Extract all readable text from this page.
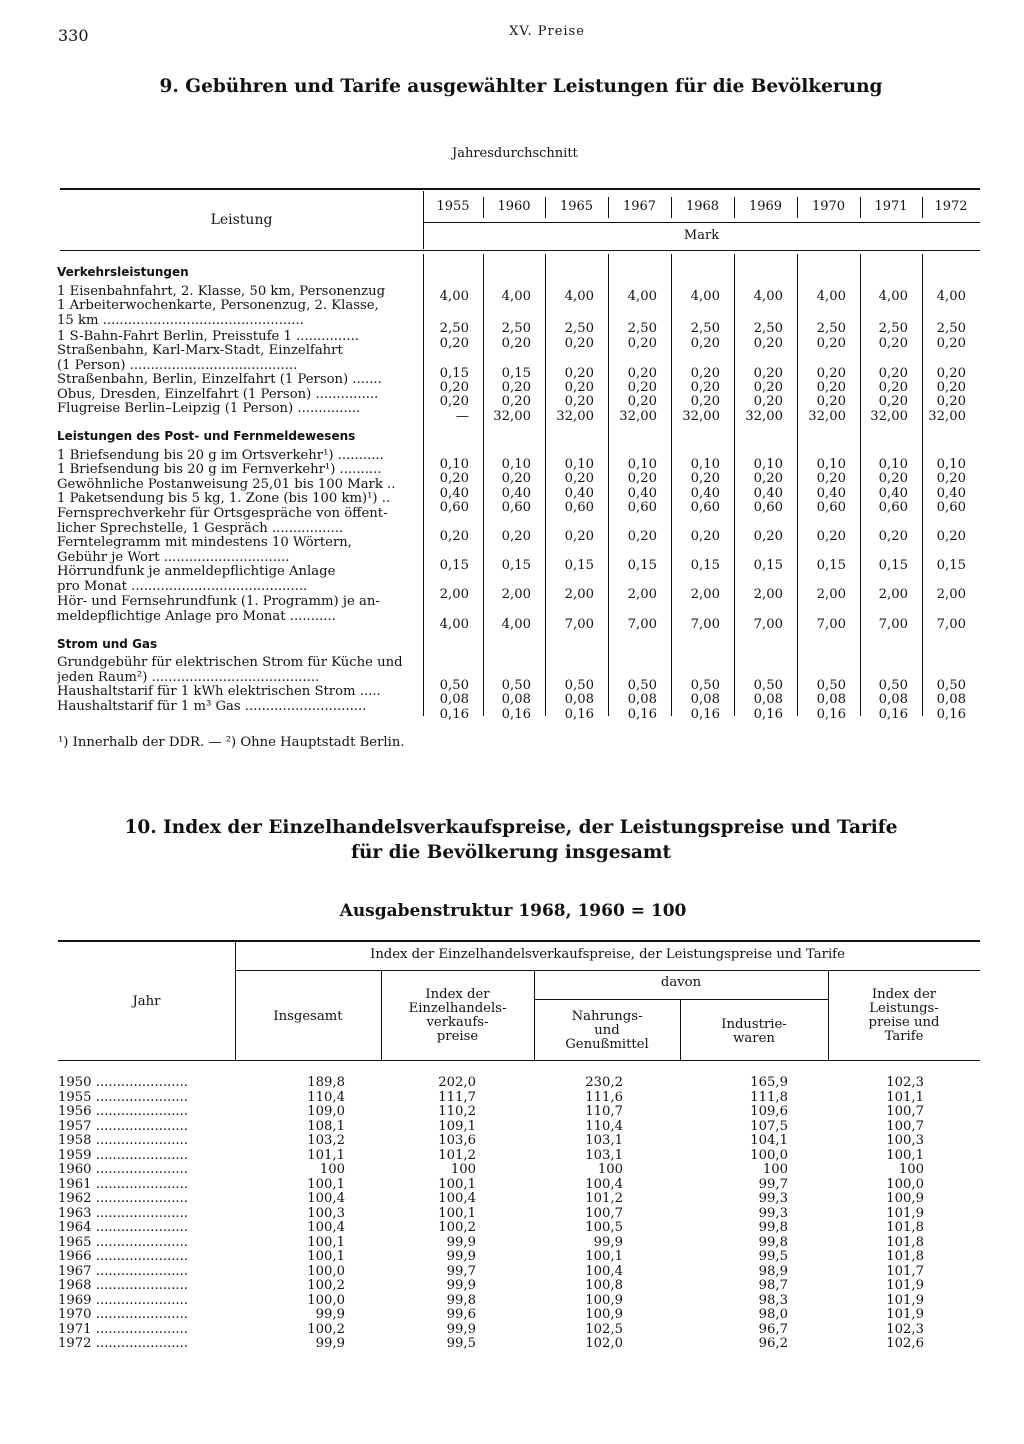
330	XV. Preise
9. Gebühren und Tarife ausgewählter Leistungen für die Bevölkerung
Jahresdurchschnitt
Leistung
Mark
1955	1960	1965	1967	1968	1969	1970	1971	1972
Verkehrsleistungen
1 Eisenbahnfahrt, 2. Klasse, 50 km, Personenzug	4,00	4,00	4,00	4,00	4,00	4,00	4,00	4,00	4,00
1 Arbeiterwochenkarte, Personenzug, 2. Klasse,
15 km ................................................
2,50	2,50	2,50	2,50	2,50	2,50	2,50	2,50	2,50
1 S-Bahn-Fahrt Berlin, Preisstufe 1 ...............	0,20	0,20	0,20	0,20	0,20	0,20	0,20	0,20	0,20
Straßenbahn, Karl-Marx-Stadt, Einzelfahrt
(1 Person) ........................................
0,15	0,15	0,20	0,20	0,20	0,20	0,20	0,20	0,20
Straßenbahn, Berlin, Einzelfahrt (1 Person) .......
0,20	0,20	0,20	0,20	0,20	0,20	0,20	0,20	0,20
Obus, Dresden, Einzelfahrt (1 Person) ...............	0,20	0,20	0,20	0,20	0,20	0,20	0,20	0,20	0,20
Flugreise Berlin–Leipzig (1 Person) ...............
—	32,00	32,00	32,00	32,00	32,00	32,00	32,00	32,00
Leistungen des Post- und Fernmeldewesens
1 Briefsendung bis 20 g im Ortsverkehr¹) ...........
0,10	0,10	0,10	0,10	0,10	0,10	0,10	0,10	0,10
1 Briefsendung bis 20 g im Fernverkehr¹) ..........
0,20	0,20	0,20	0,20	0,20	0,20	0,20	0,20	0,20
Gewöhnliche Postanweisung 25,01 bis 100 Mark ..
0,40	0,40	0,40	0,40	0,40	0,40	0,40	0,40	0,40
1 Paketsendung bis 5 kg, 1. Zone (bis 100 km)¹) ..
0,60	0,60	0,60	0,60	0,60	0,60	0,60	0,60	0,60
Fernsprechverkehr für Ortsgespräche von öffent-
licher Sprechstelle, 1 Gespräch .................
0,20	0,20	0,20	0,20	0,20	0,20	0,20	0,20	0,20
Ferntelegramm mit mindestens 10 Wörtern,
Gebühr je Wort ..............................
0,15	0,15	0,15	0,15	0,15	0,15	0,15	0,15	0,15
Hörrundfunk je anmeldepflichtige Anlage
pro Monat ..........................................
2,00	2,00	2,00	2,00	2,00	2,00	2,00	2,00	2,00
Hör- und Fernsehrundfunk (1. Programm) je an-
meldepflichtige Anlage pro Monat ...........
4,00	4,00	7,00	7,00	7,00	7,00	7,00	7,00	7,00
Strom und Gas
Grundgebühr für elektrischen Strom für Küche und
jeden Raum²) ........................................
0,50	0,50	0,50	0,50	0,50	0,50	0,50	0,50	0,50
Haushaltstarif für 1 kWh elektrischen Strom .....
0,08	0,08	0,08	0,08	0,08	0,08	0,08	0,08	0,08
Haushaltstarif für 1 m³ Gas .............................
0,16	0,16	0,16	0,16	0,16	0,16	0,16	0,16	0,16
¹) Innerhalb der DDR. — ²) Ohne Hauptstadt Berlin.
10. Index der Einzelhandelsverkaufspreise, der Leistungspreise und Tarife
für die Bevölkerung insgesamt
Ausgabenstruktur 1968, 1960 = 100
Jahr
Index der Einzelhandelsverkaufspreise, der Leistungspreise und Tarife
Insgesamt
Index der
Einzelhandels-
verkaufs-
preise
davon
Nahrungs-
und
Genußmittel
Industrie-
waren
Index der
Leistungs-
preise und
Tarife
1950 ......................	189,8	202,0	230,2	165,9	102,3
1955 ......................	110,4	111,7	111,6	111,8	101,1
1956 ......................	109,0	110,2	110,7	109,6	100,7
1957 ......................	108,1	109,1	110,4	107,5	100,7
1958 ......................	103,2	103,6	103,1	104,1	100,3
1959 ......................	101,1	101,2	103,1	100,0	100,1
1960 ......................	100	100	100	100	100
1961 ......................	100,1	100,1	100,4	99,7	100,0
1962 ......................	100,4	100,4	101,2	99,3	100,9
1963 ......................	100,3	100,1	100,7	99,3	101,9
1964 ......................	100,4	100,2	100,5	99,8	101,8
1965 ......................	100,1	99,9	99,9	99,8	101,8
1966 ......................	100,1	99,9	100,1	99,5	101,8
1967 ......................	100,0	99,7	100,4	98,9	101,7
1968 ......................	100,2	99,9	100,8	98,7	101,9
1969 ......................	100,0	99,8	100,9	98,3	101,9
1970 ......................	99,9	99,6	100,9	98,0	101,9
1971 ......................	100,2	99,9	102,5	96,7	102,3
1972 ......................	99,9	99,5	102,0	96,2	102,6
